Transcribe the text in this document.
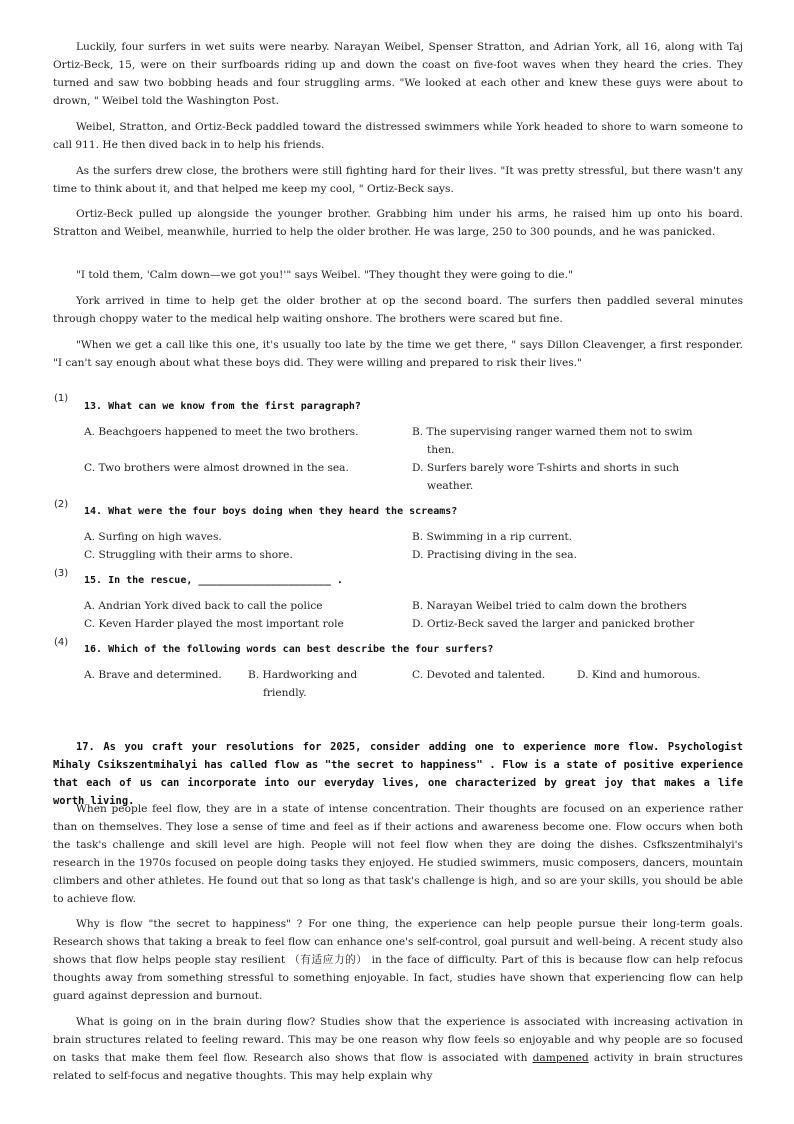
Luckily, four surfers in wet suits were nearby. Narayan Weibel, Spenser Stratton, and Adrian York, all 16, along with Taj Ortiz-Beck, 15, were on their surfboards riding up and down the coast on five-foot waves when they heard the cries. They turned and saw two bobbing heads and four struggling arms. "We looked at each other and knew these guys were about to drown, " Weibel told the Washington Post.

Weibel, Stratton, and Ortiz-Beck paddled toward the distressed swimmers while York headed to shore to warn someone to call 911. He then dived back in to help his friends.

As the surfers drew close, the brothers were still fighting hard for their lives. "It was pretty stressful, but there wasn't any time to think about it, and that helped me keep my cool, " Ortiz-Beck says.

Ortiz-Beck pulled up alongside the younger brother. Grabbing him under his arms, he raised him up onto his board. Stratton and Weibel, meanwhile, hurried to help the older brother. He was large, 250 to 300 pounds, and he was panicked.

"I told them, 'Calm down—we got you!'" says Weibel. "They thought they were going to die."

York arrived in time to help get the older brother at op the second board. The surfers then paddled several minutes through choppy water to the medical help waiting onshore. The brothers were scared but fine.

"When we get a call like this one, it's usually too late by the time we get there, " says Dillon Cleavenger, a first responder. "I can't say enough about what these boys did. They were willing and prepared to risk their lives."

(1)
13. What can we know from the first paragraph?
A. Beachgoers happened to meet the two brothers.	B. The supervising ranger warned them not to swim
then.
C. Two brothers were almost drowned in the sea.	D. Surfers barely wore T-shirts and shorts in such
weather.
(2)
14. What were the four boys doing when they heard the screams?
A. Surfing on high waves.	B. Swimming in a rip current.
C. Struggling with their arms to shore.	D. Practising diving in the sea.
(3)
15. In the rescue, ______________________ .
A. Andrian York dived back to call the police	B. Narayan Weibel tried to calm down the brothers
C. Keven Harder played the most important role	D. Ortiz-Beck saved the larger and panicked brother
(4)
16. Which of the following words can best describe the four surfers?
A. Brave and determined.	B. Hardworking and
friendly.
C. Devoted and talented.	D. Kind and humorous.

17. As you craft your resolutions for 2025, consider adding one to experience more flow. Psychologist Mihaly Csikszentmihalyi has called flow as "the secret to happiness" . Flow is a state of positive experience that each of us can incorporate into our everyday lives, one characterized by great joy that makes a life worth living.

When people feel flow, they are in a state of intense concentration. Their thoughts are focused on an experience rather than on themselves. They lose a sense of time and feel as if their actions and awareness become one. Flow occurs when both the task's challenge and skill level are high. People will not feel flow when they are doing the dishes. Csfkszentmihalyi's research in the 1970s focused on people doing tasks they enjoyed. He studied swimmers, music composers, dancers, mountain climbers and other athletes. He found out that so long as that task's challenge is high, and so are your skills, you should be able to achieve flow.

Why is flow "the secret to happiness" ? For one thing, the experience can help people pursue their long-term goals. Research shows that taking a break to feel flow can enhance one's self-control, goal pursuit and well-being. A recent study also shows that flow helps people stay resilient （有适应力的） in the face of difficulty. Part of this is because flow can help refocus thoughts away from something stressful to something enjoyable. In fact, studies have shown that experiencing flow can help guard against depression and burnout.

What is going on in the brain during flow? Studies show that the experience is associated with increasing activation in brain structures related to feeling reward. This may be one reason why flow feels so enjoyable and why people are so focused on tasks that make them feel flow. Research also shows that flow is associated with dampened activity in brain structures related to self-focus and negative thoughts. This may help explain why
